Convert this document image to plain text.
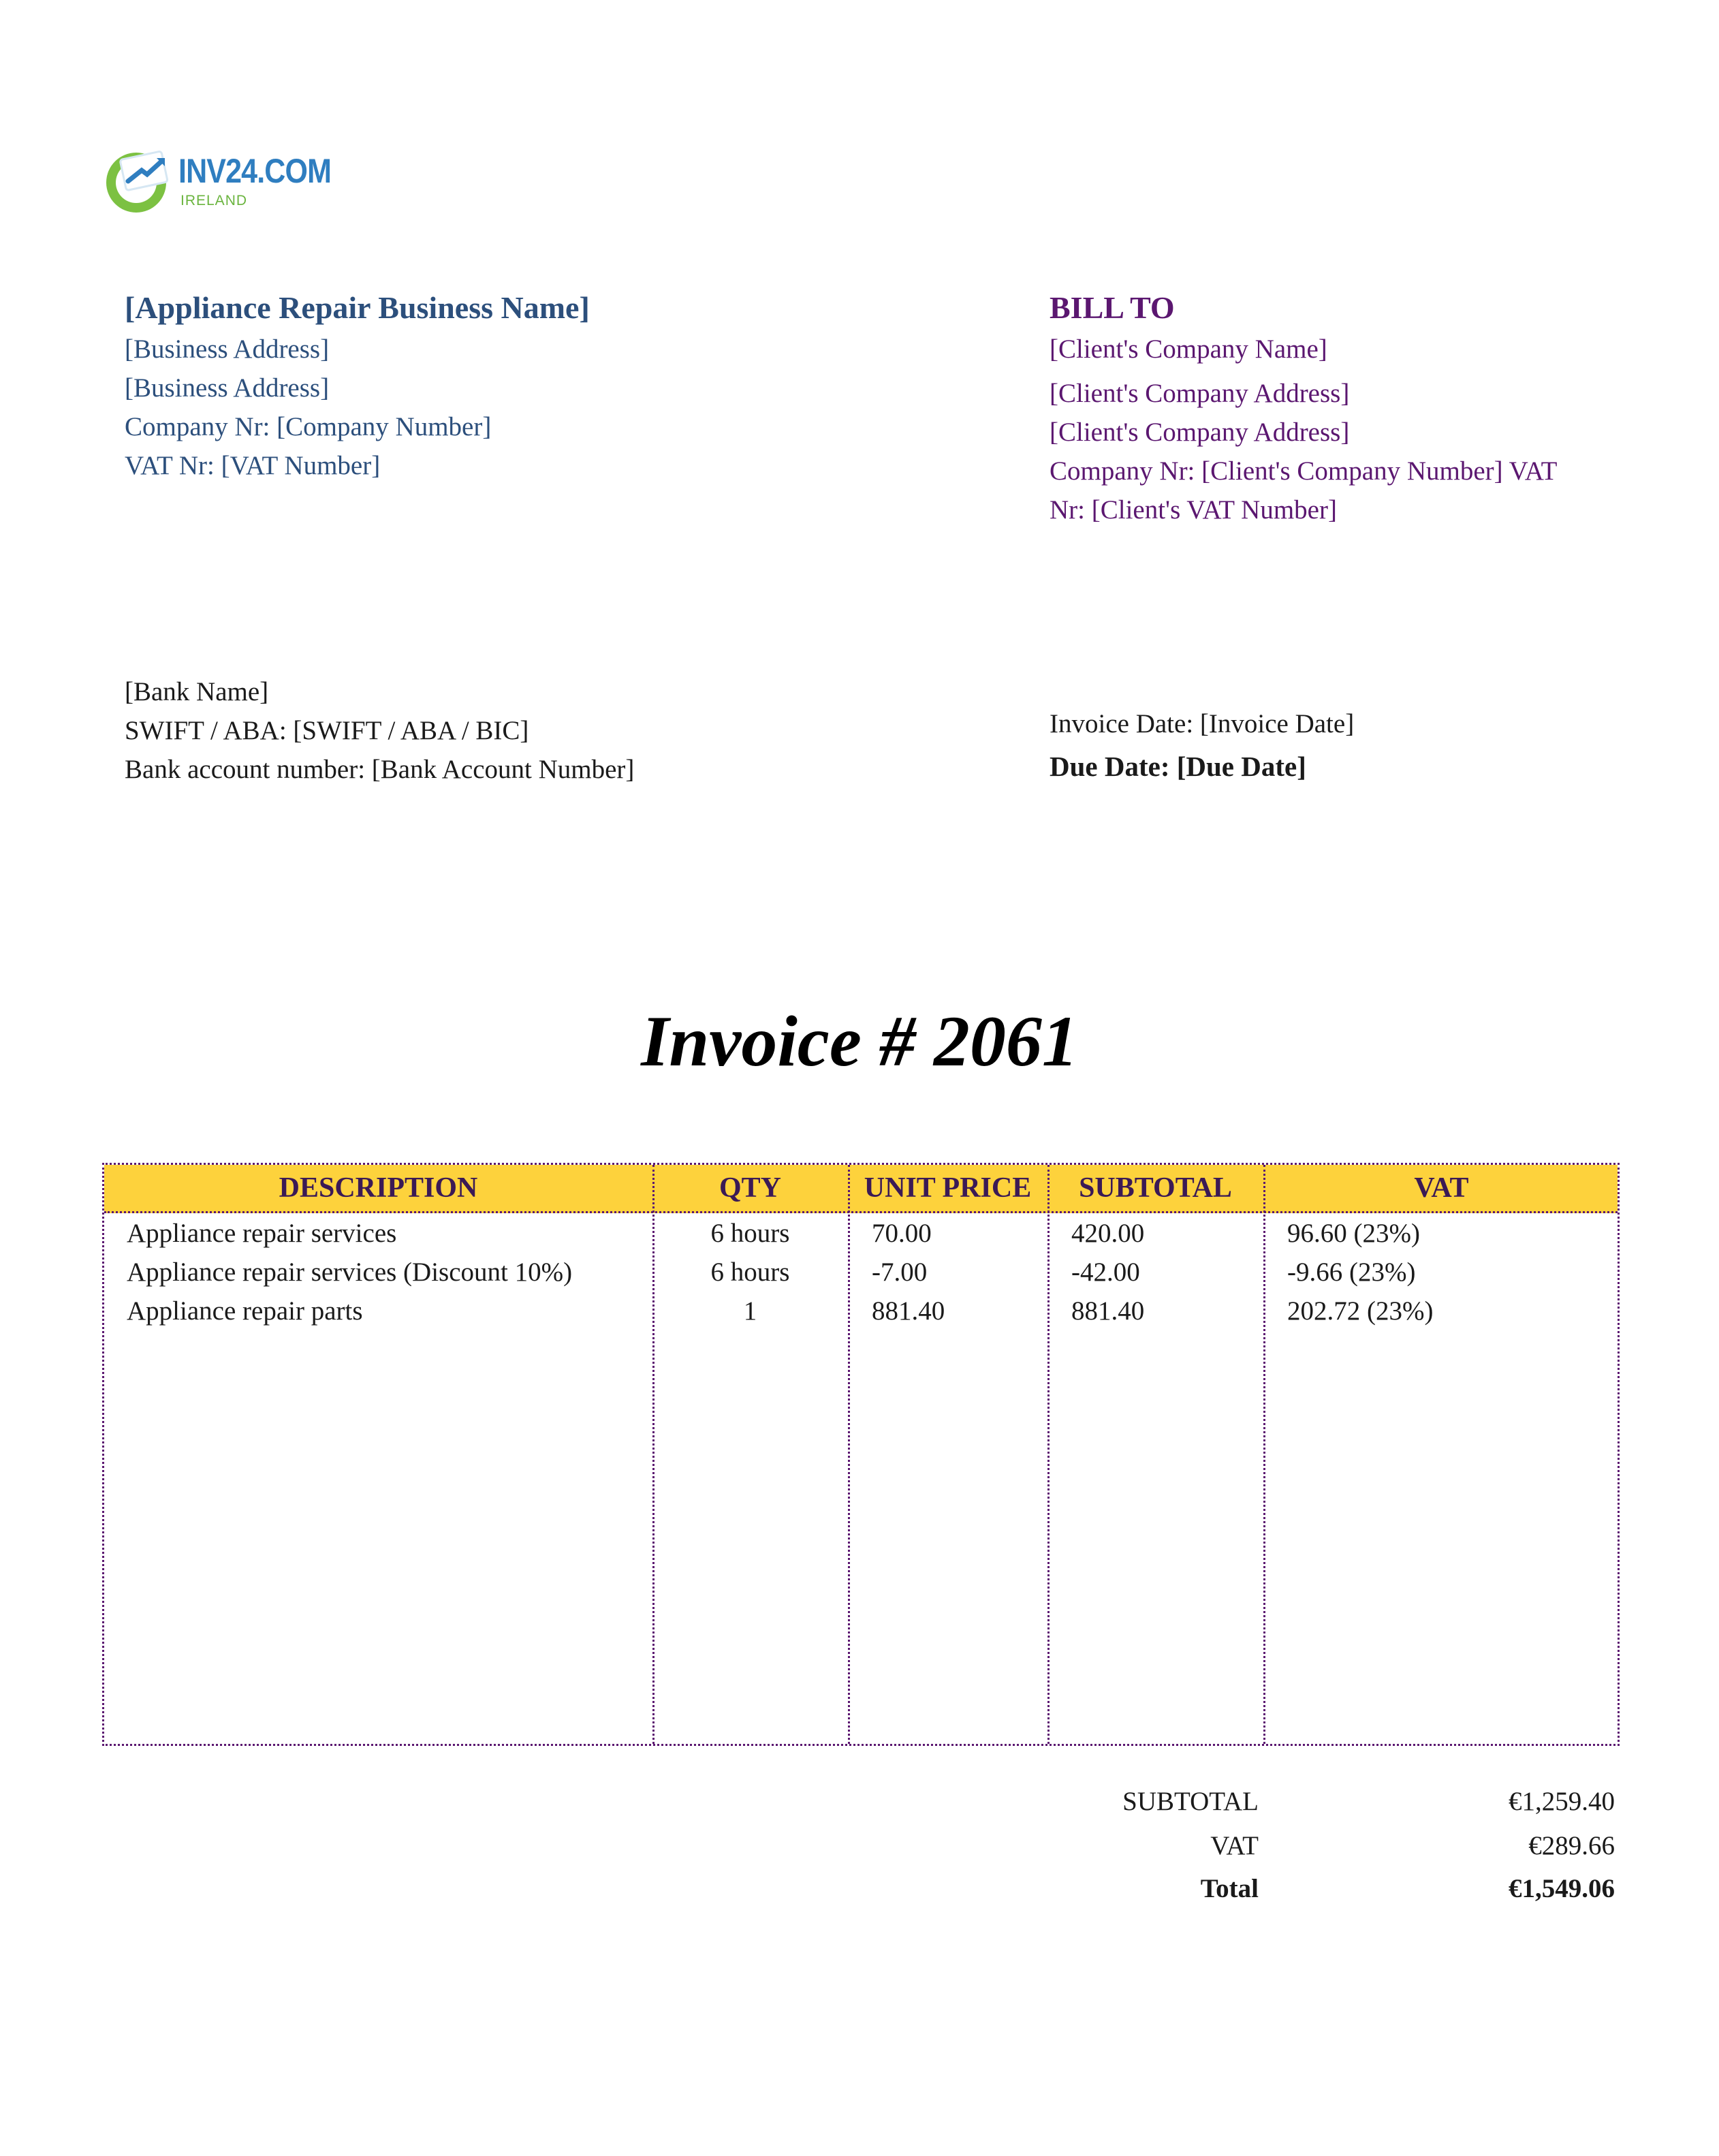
INV24.COM
IRELAND
[Appliance Repair Business Name]
[Business Address]
[Business Address]
Company Nr: [Company Number]
VAT Nr: [VAT Number]
BILL TO
[Client's Company Name]
[Client's Company Address]
[Client's Company Address]
Company Nr: [Client's Company Number] VAT
Nr: [Client's VAT Number]
[Bank Name]
SWIFT / ABA: [SWIFT / ABA / BIC]
Bank account number: [Bank Account Number]
Invoice Date: [Invoice Date]
Due Date: [Due Date]
Invoice # 2061
DESCRIPTION	QTY	UNIT PRICE	SUBTOTAL	VAT
Appliance repair services	6 hours	70.00	420.00	96.60 (23%)
Appliance repair services (Discount 10%)	6 hours	-7.00	-42.00	-9.66 (23%)
Appliance repair parts	1	881.40	881.40	202.72 (23%)
SUBTOTAL	€1,259.40
VAT	€289.66
Total	€1,549.06
